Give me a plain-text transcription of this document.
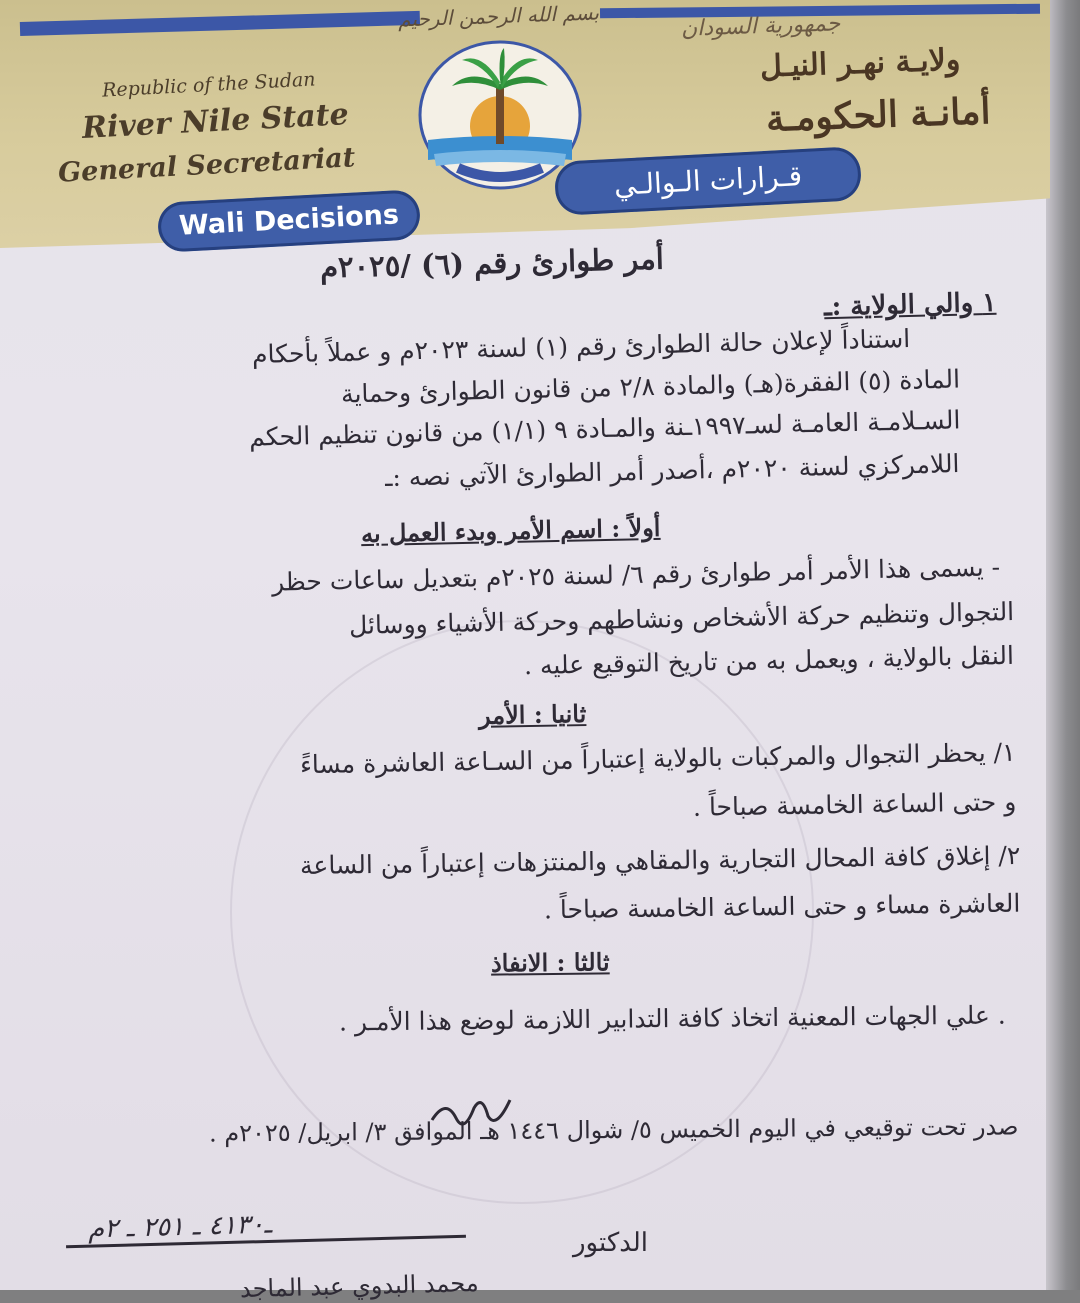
بسم الله الرحمن الرحيم	جمهورية السودان
ولايـة نهـر النيـل
أمانـة الحكومـة
قـرارات الـوالـي
Republic of the Sudan
River Nile State
General Secretariat
Wali Decisions
أمر طوارئ رقم (٦) /٢٠٢٥م
١ والي الولاية :ـ
استناداً لإعلان حالة الطوارئ رقم (١) لسنة ٢٠٢٣م و عملاً بأحكام
المادة (٥) الفقرة(هـ) والمادة ٢/٨ من قانون الطوارئ وحماية
السـلامـة العامـة لسـ١٩٩٧ـنة والمـادة ٩ (١/١) من قانون تنظيم الحكم
اللامركزي لسنة ٢٠٢٠م ،أصدر أمر الطوارئ الآتي نصه :ـ
أولاً : اسم الأمر وبدء العمل به
- يسمى هذا الأمر أمر طوارئ رقم ٦/ لسنة ٢٠٢٥م بتعديل ساعات حظر
التجوال وتنظيم حركة الأشخاص ونشاطهم وحركة الأشياء ووسائل
النقل بالولاية ، ويعمل به من تاريخ التوقيع عليه .
ثانيا : الأمر
١/ يحظر التجوال والمركبات بالولاية إعتباراً من السـاعة العاشرة مساءً
و حتى الساعة الخامسة صباحاً .
٢/ إغلاق كافة المحال التجارية والمقاهي والمنتزهات إعتباراً من الساعة
العاشرة مساء و حتى الساعة الخامسة صباحاً .
ثالثا : الانفاذ
. علي الجهات المعنية اتخاذ كافة التدابير اللازمة لوضع هذا الأمـر .
صدر تحت توقيعي في اليوم الخميس ٥/ شوال ١٤٤٦ هـ الموافق ٣/ ابريل/ ٢٠٢٥م .
الدكتور
ـ٤١٣٠ ـ ٢٥١ ـ ٢م
محمد البدوي عبد الماجد
